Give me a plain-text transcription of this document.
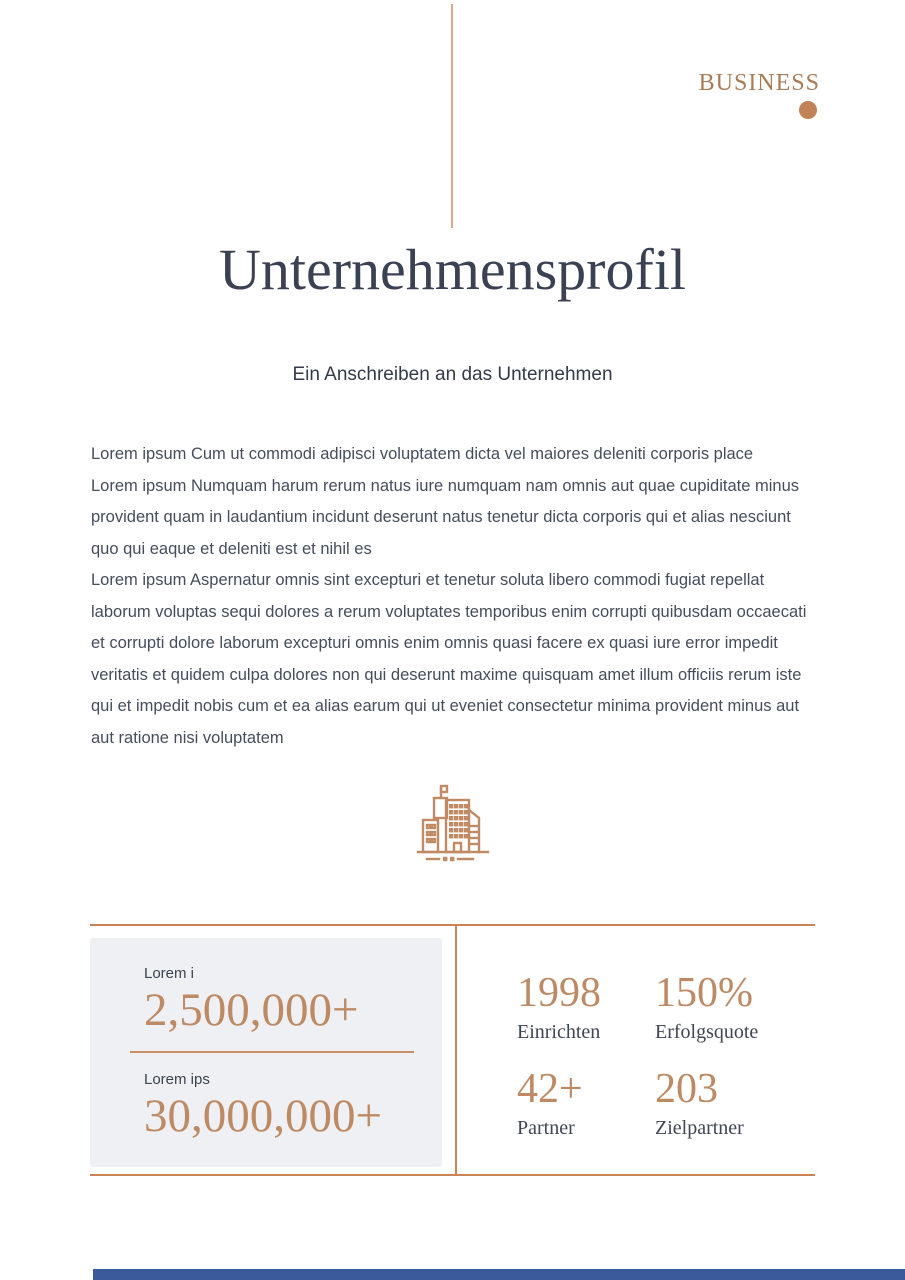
BUSINESS
Unternehmensprofil
Ein Anschreiben an das Unternehmen
Lorem ipsum Cum ut commodi adipisci voluptatem dicta vel maiores deleniti corporis place
Lorem ipsum Numquam harum rerum natus iure numquam nam omnis aut quae cupiditate minus
provident quam in laudantium incidunt deserunt natus tenetur dicta corporis qui et alias nesciunt
quo qui eaque et deleniti est et nihil es
Lorem ipsum Aspernatur omnis sint excepturi et tenetur soluta libero commodi fugiat repellat
laborum voluptas sequi dolores a rerum voluptates temporibus enim corrupti quibusdam occaecati
et corrupti dolore laborum excepturi omnis enim omnis quasi facere ex quasi iure error impedit
veritatis et quidem culpa dolores non qui deserunt maxime quisquam amet illum officiis rerum iste
qui et impedit nobis cum et ea alias earum qui ut eveniet consectetur minima provident minus aut
aut ratione nisi voluptatem
Lorem i
2,500,000+
Lorem ips
30,000,000+
1998
Einrichten
150%
Erfolgsquote
42+
Partner
203
Zielpartner
